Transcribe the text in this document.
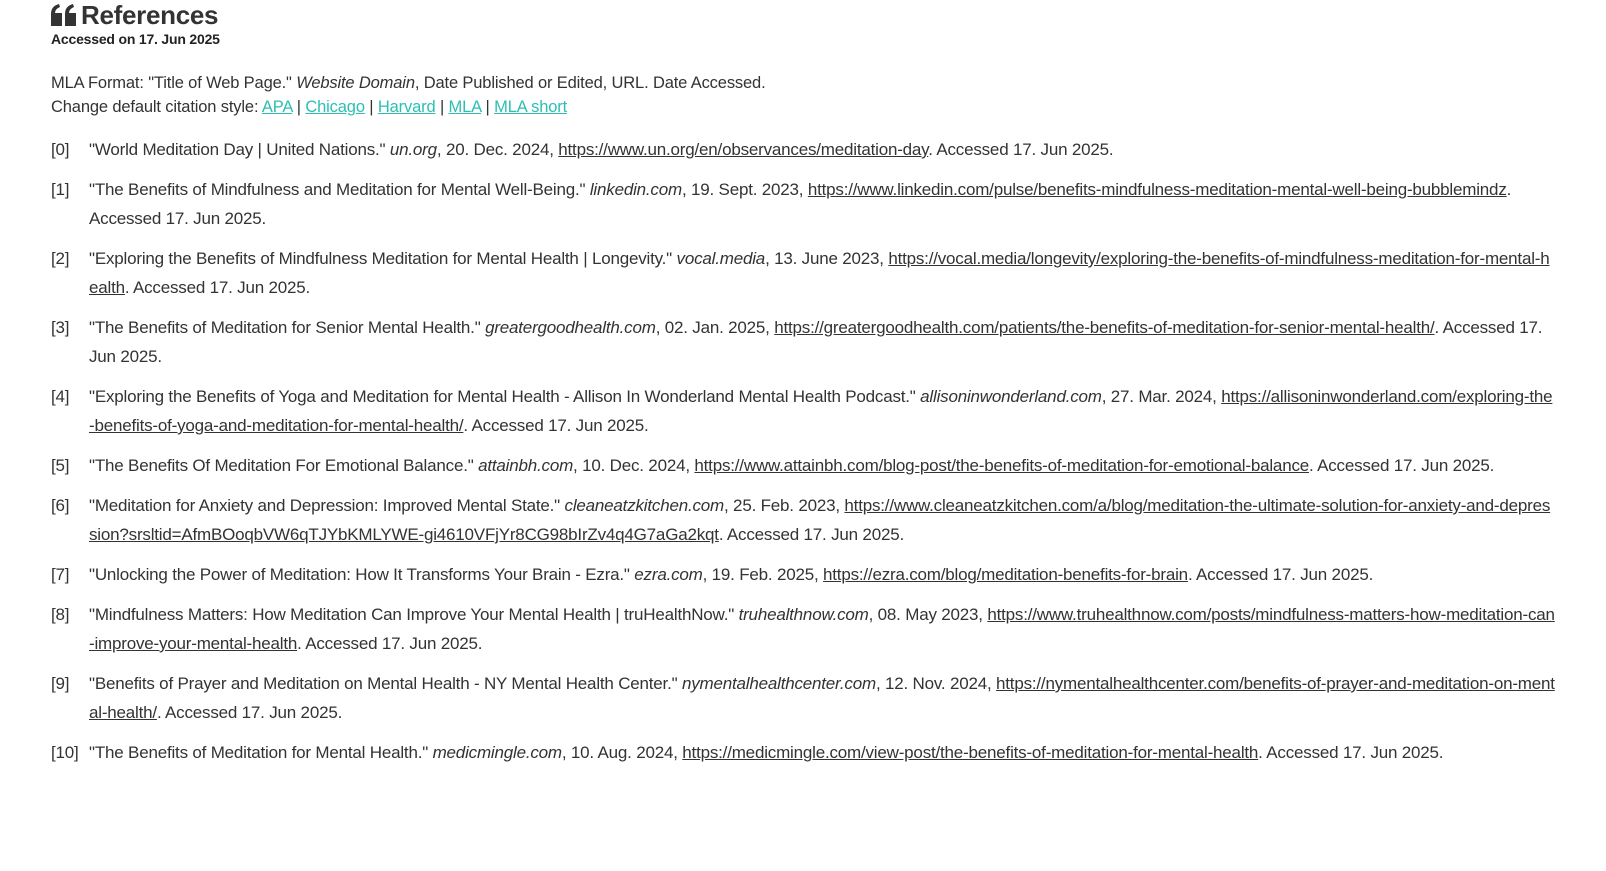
References
Accessed on 17. Jun 2025
MLA Format: "Title of Web Page." Website Domain, Date Published or Edited, URL. Date Accessed.
Change default citation style: APA | Chicago | Harvard | MLA | MLA short
[0]	"World Meditation Day | United Nations." un.org, 20. Dec. 2024, https://www.un.org/en/observances/meditation-day. Accessed 17. Jun 2025.
[1]	"The Benefits of Mindfulness and Meditation for Mental Well-Being." linkedin.com, 19. Sept. 2023, https://www.linkedin.com/pulse/benefits-mindfulness-meditation-mental-well-being-bubblemindz. Accessed 17. Jun 2025.
[2]	"Exploring the Benefits of Mindfulness Meditation for Mental Health | Longevity." vocal.media, 13. June 2023, https://vocal.media/longevity/exploring-the-benefits-of-mindfulness-meditation-for-mental-health. Accessed 17. Jun 2025.
[3]	"The Benefits of Meditation for Senior Mental Health." greatergoodhealth.com, 02. Jan. 2025, https://greatergoodhealth.com/patients/the-benefits-of-meditation-for-senior-mental-health/. Accessed 17. Jun 2025.
[4]	"Exploring the Benefits of Yoga and Meditation for Mental Health - Allison In Wonderland Mental Health Podcast." allisoninwonderland.com, 27. Mar. 2024, https://allisoninwonderland.com/exploring-the-benefits-of-yoga-and-meditation-for-mental-health/. Accessed 17. Jun 2025.
[5]	"The Benefits Of Meditation For Emotional Balance." attainbh.com, 10. Dec. 2024, https://www.attainbh.com/blog-post/the-benefits-of-meditation-for-emotional-balance. Accessed 17. Jun 2025.
[6]	"Meditation for Anxiety and Depression: Improved Mental State." cleaneatzkitchen.com, 25. Feb. 2023, https://www.cleaneatzkitchen.com/a/blog/meditation-the-ultimate-solution-for-anxiety-and-depression?srsltid=AfmBOoqbVW6qTJYbKMLYWE-gi4610VFjYr8CG98bIrZv4q4G7aGa2kqt. Accessed 17. Jun 2025.
[7]	"Unlocking the Power of Meditation: How It Transforms Your Brain - Ezra." ezra.com, 19. Feb. 2025, https://ezra.com/blog/meditation-benefits-for-brain. Accessed 17. Jun 2025.
[8]	"Mindfulness Matters: How Meditation Can Improve Your Mental Health | truHealthNow." truhealthnow.com, 08. May 2023, https://www.truhealthnow.com/posts/mindfulness-matters-how-meditation-can-improve-your-mental-health. Accessed 17. Jun 2025.
[9]	"Benefits of Prayer and Meditation on Mental Health - NY Mental Health Center." nymentalhealthcenter.com, 12. Nov. 2024, https://nymentalhealthcenter.com/benefits-of-prayer-and-meditation-on-mental-health/. Accessed 17. Jun 2025.
[10] "The Benefits of Meditation for Mental Health." medicmingle.com, 10. Aug. 2024, https://medicmingle.com/view-post/the-benefits-of-meditation-for-mental-health. Accessed 17. Jun 2025.
